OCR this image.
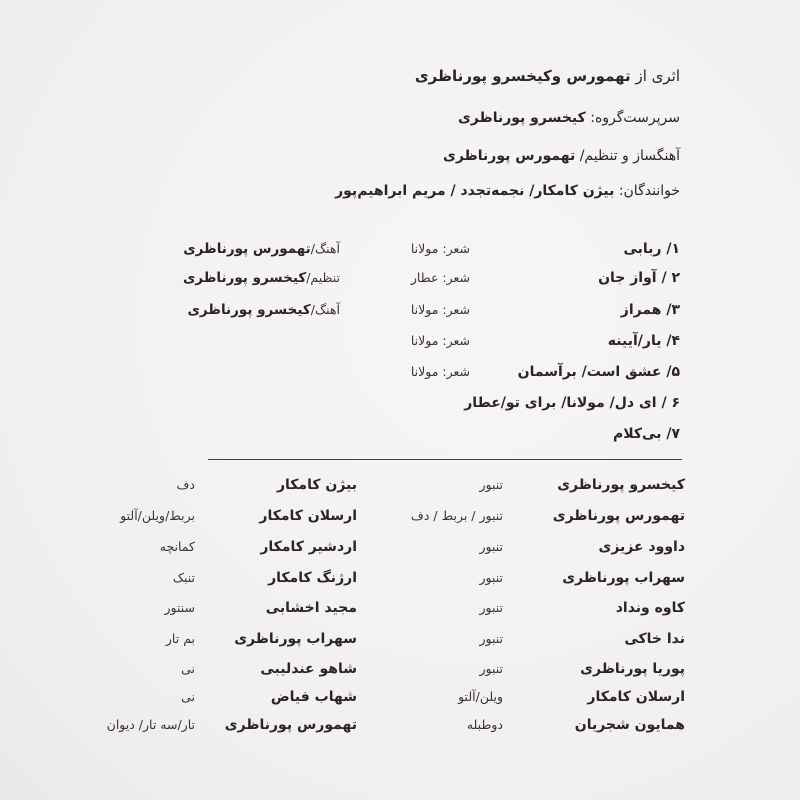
اثری از تهمورس وکیخسرو پورناظری
سرپرست‌گروه: کیخسرو پورناظری
آهنگساز و تنظیم/ تهمورس پورناظری
خوانندگان: بیژن کامکار/ نجمه‌تجدد / مریم ابراهیم‌پور
۱/ ربابی
شعر: مولانا
آهنگ/تهمورس پورناظری
۲ / آواز جان
شعر: عطار
تنظیم/کیخسرو پورناظری
۳/ همراز
شعر: مولانا
آهنگ/کیخسرو پورناظری
۴/ یار/آیینه
شعر: مولانا
۵/ عشق است/ برآسمان
شعر: مولانا
۶ / ای دل/ مولانا/ برای تو/عطار
۷/ بی‌کلام
کیخسرو پورناظری
تنبور
بیژن کامکار
دف
تهمورس پورناظری
تنبور / بربط / دف
ارسلان کامکار
بربط/ویلن/آلتو
داوود عزیزی
تنبور
اردشیر کامکار
کمانچه
سهراب پورناظری
تنبور
ارژنگ کامکار
تنبک
کاوه ونداد
تنبور
مجید اخشابی
سنتور
ندا خاکی
تنبور
سهراب پورناظری
بم تار
پوریا پورناظری
تنبور
شاهو عندلیبی
نی
ارسلان کامکار
ویلن/آلتو
شهاب فیاض
نی
همایون شجریان
دوطبله
تهمورس پورناظری
تار/سه تار/ دیوان
